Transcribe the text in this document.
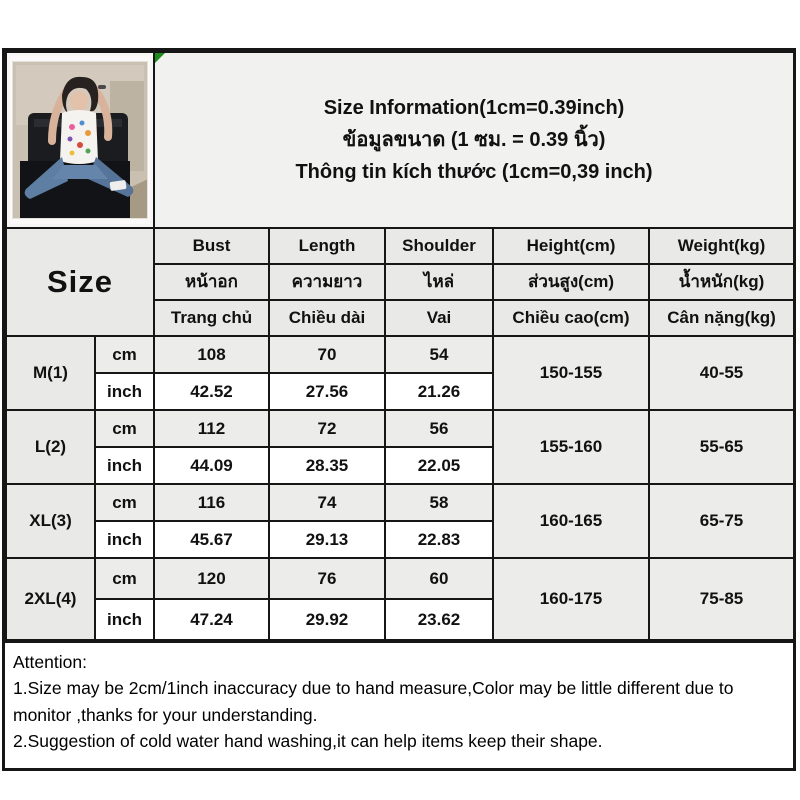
Size Information(1cm=0.39inch)
ข้อมูลขนาด (1 ซม. = 0.39 นิ้ว)
Thông tin kích thước (1cm=0,39 inch)				

Size		Bust	Length	Shoulder	Height(cm)	Weight(kg)
		หน้าอก	ความยาว	ไหล่	ส่วนสูง(cm)	น้ำหนัก(kg)
		Trang chủ	Chiều dài	Vai	Chiều cao(cm)	Cân nặng(kg)
M(1)	cm	108	70	54	150-155	40-55
	inch	42.52	27.56	21.26		
L(2)	cm	112	72	56	155-160	55-65
	inch	44.09	28.35	22.05		
XL(3)	cm	116	74	58	160-165	65-75
	inch	45.67	29.13	22.83		
2XL(4)	cm	120	76	60	160-175	75-85
	inch	47.24	29.92	23.62		

Attention:

1.Size may be 2cm/1inch inaccuracy due to hand measure,Color may be little different due to monitor ,thanks for your understanding.

2.Suggestion of cold water hand washing,it can help items keep their shape.
